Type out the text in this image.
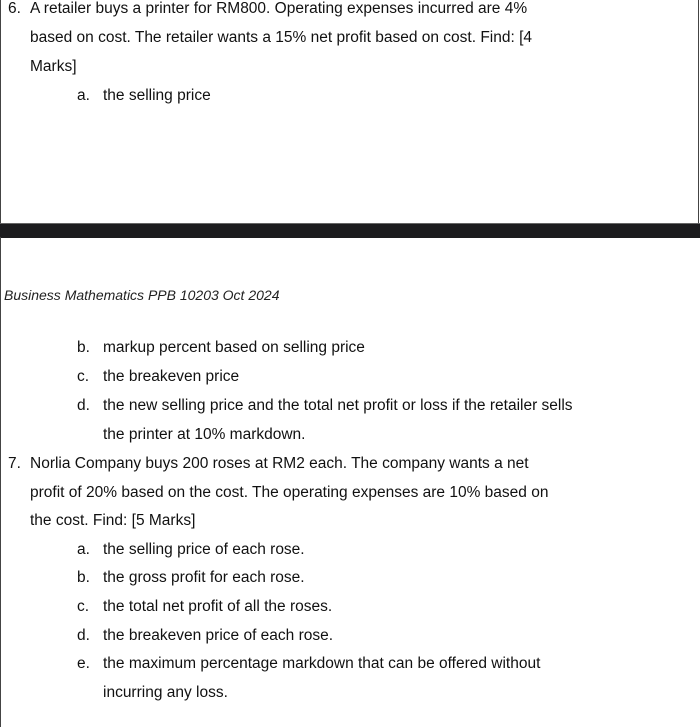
6. A retailer buys a printer for RM800. Operating expenses incurred are 4%
based on cost. The retailer wants a 15% net profit based on cost. Find: [4
Marks]
a. the selling price
Business Mathematics PPB 10203 Oct 2024
b. markup percent based on selling price
c. the breakeven price
d. the new selling price and the total net profit or loss if the retailer sells
the printer at 10% markdown.
7. Norlia Company buys 200 roses at RM2 each. The company wants a net
profit of 20% based on the cost. The operating expenses are 10% based on
the cost. Find: [5 Marks]
a. the selling price of each rose.
b. the gross profit for each rose.
c. the total net profit of all the roses.
d. the breakeven price of each rose.
e. the maximum percentage markdown that can be offered without
incurring any loss.
